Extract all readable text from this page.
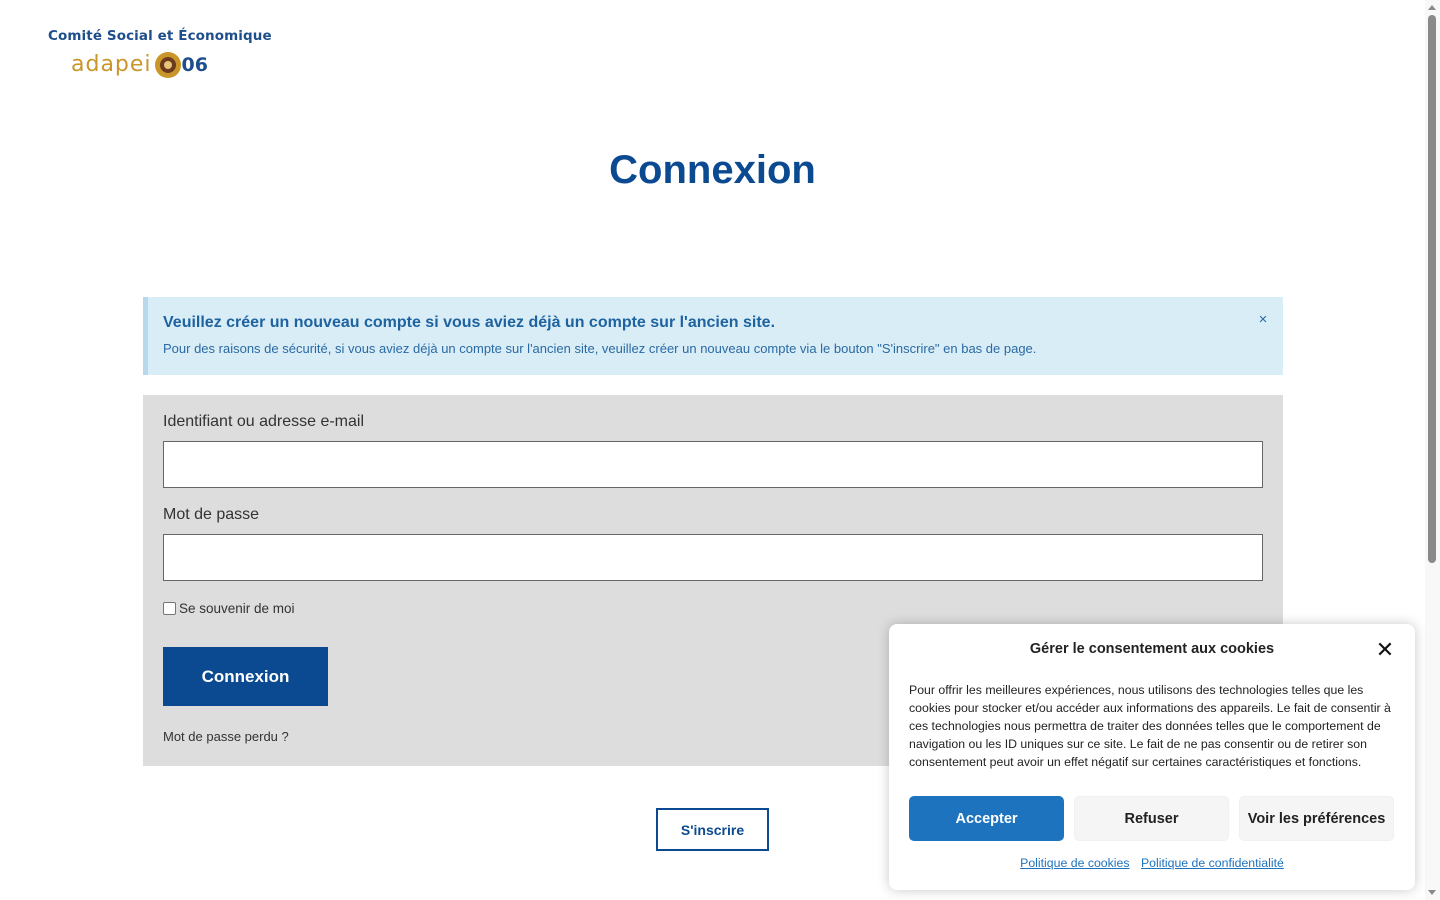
Comité Social et Économique
adapei 06
Connexion
Veuillez créer un nouveau compte si vous aviez déjà un compte sur l'ancien site.
Pour des raisons de sécurité, si vous aviez déjà un compte sur l'ancien site, veuillez créer un nouveau compte via le bouton "S'inscrire" en bas de page.
×
Identifiant ou adresse e-mail
Mot de passe
Se souvenir de moi
Connexion
Mot de passe perdu ?
S'inscrire
Gérer le consentement aux cookies	✕
Pour offrir les meilleures expériences, nous utilisons des technologies telles que les cookies pour stocker et/ou accéder aux informations des appareils. Le fait de consentir à ces technologies nous permettra de traiter des données telles que le comportement de navigation ou les ID uniques sur ce site. Le fait de ne pas consentir ou de retirer son consentement peut avoir un effet négatif sur certaines caractéristiques et fonctions.
Accepter	Refuser	Voir les préférences
Politique de cookies Politique de confidentialité
